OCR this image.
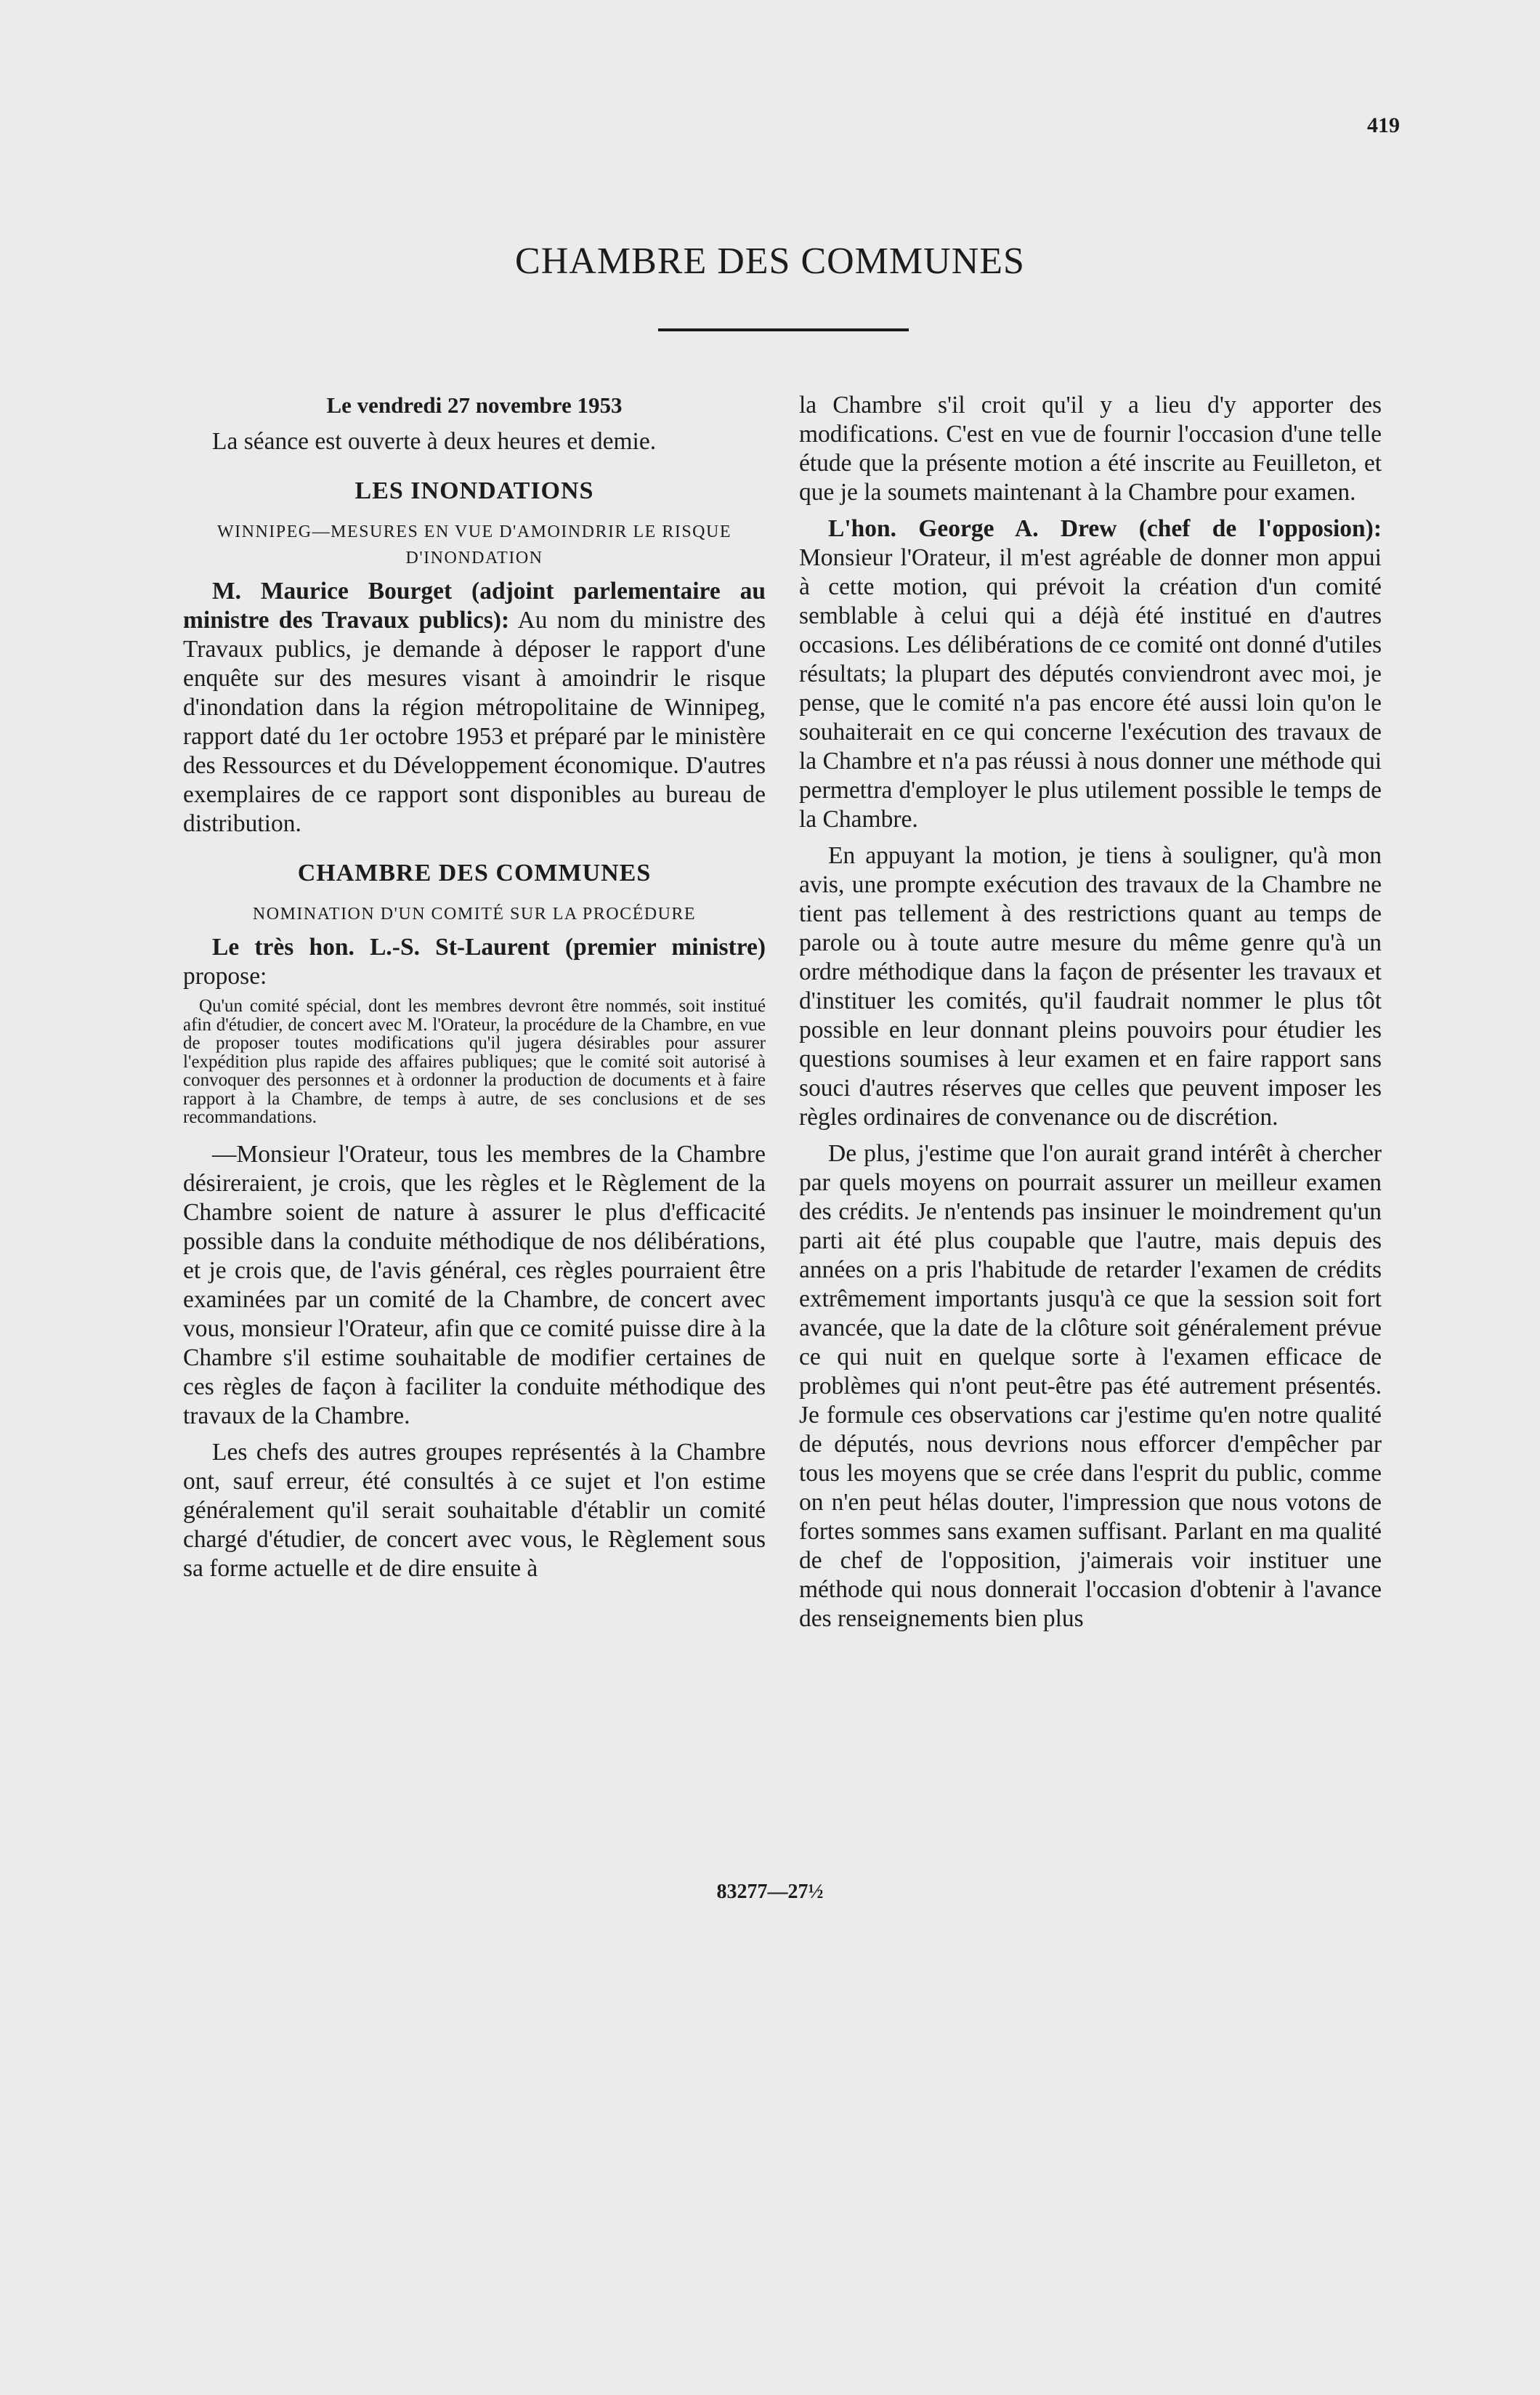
419
CHAMBRE DES COMMUNES

Le vendredi 27 novembre 1953

La séance est ouverte à deux heures et demie.

LES INONDATIONS

WINNIPEG—MESURES EN VUE D'AMOINDRIR LE RISQUE D'INONDATION

M. Maurice Bourget (adjoint parlementaire au ministre des Travaux publics): Au nom du ministre des Travaux publics, je demande à déposer le rapport d'une enquête sur des mesures visant à amoindrir le risque d'inondation dans la région métropolitaine de Winnipeg, rapport daté du 1er octobre 1953 et préparé par le ministère des Ressources et du Développement économique. D'autres exemplaires de ce rapport sont disponibles au bureau de distribution.

CHAMBRE DES COMMUNES

NOMINATION D'UN COMITÉ SUR LA PROCÉDURE

Le très hon. L.-S. St-Laurent (premier ministre) propose:

Qu'un comité spécial, dont les membres devront être nommés, soit institué afin d'étudier, de concert avec M. l'Orateur, la procédure de la Chambre, en vue de proposer toutes modifications qu'il jugera désirables pour assurer l'expédition plus rapide des affaires publiques; que le comité soit autorisé à convoquer des personnes et à ordonner la production de documents et à faire rapport à la Chambre, de temps à autre, de ses conclusions et de ses recommandations.

—Monsieur l'Orateur, tous les membres de la Chambre désireraient, je crois, que les règles et le Règlement de la Chambre soient de nature à assurer le plus d'efficacité possible dans la conduite méthodique de nos délibérations, et je crois que, de l'avis général, ces règles pourraient être examinées par un comité de la Chambre, de concert avec vous, monsieur l'Orateur, afin que ce comité puisse dire à la Chambre s'il estime souhaitable de modifier certaines de ces règles de façon à faciliter la conduite méthodique des travaux de la Chambre.

Les chefs des autres groupes représentés à la Chambre ont, sauf erreur, été consultés à ce sujet et l'on estime généralement qu'il serait souhaitable d'établir un comité chargé d'étudier, de concert avec vous, le Règlement sous sa forme actuelle et de dire ensuite à

la Chambre s'il croit qu'il y a lieu d'y apporter des modifications. C'est en vue de fournir l'occasion d'une telle étude que la présente motion a été inscrite au Feuilleton, et que je la soumets maintenant à la Chambre pour examen.

L'hon. George A. Drew (chef de l'opposion): Monsieur l'Orateur, il m'est agréable de donner mon appui à cette motion, qui prévoit la création d'un comité semblable à celui qui a déjà été institué en d'autres occasions. Les délibérations de ce comité ont donné d'utiles résultats; la plupart des députés conviendront avec moi, je pense, que le comité n'a pas encore été aussi loin qu'on le souhaiterait en ce qui concerne l'exécution des travaux de la Chambre et n'a pas réussi à nous donner une méthode qui permettra d'employer le plus utilement possible le temps de la Chambre.

En appuyant la motion, je tiens à souligner, qu'à mon avis, une prompte exécution des travaux de la Chambre ne tient pas tellement à des restrictions quant au temps de parole ou à toute autre mesure du même genre qu'à un ordre méthodique dans la façon de présenter les travaux et d'instituer les comités, qu'il faudrait nommer le plus tôt possible en leur donnant pleins pouvoirs pour étudier les questions soumises à leur examen et en faire rapport sans souci d'autres réserves que celles que peuvent imposer les règles ordinaires de convenance ou de discrétion.

De plus, j'estime que l'on aurait grand intérêt à chercher par quels moyens on pourrait assurer un meilleur examen des crédits. Je n'entends pas insinuer le moindrement qu'un parti ait été plus coupable que l'autre, mais depuis des années on a pris l'habitude de retarder l'examen de crédits extrêmement importants jusqu'à ce que la session soit fort avancée, que la date de la clôture soit généralement prévue ce qui nuit en quelque sorte à l'examen efficace de problèmes qui n'ont peut-être pas été autrement présentés. Je formule ces observations car j'estime qu'en notre qualité de députés, nous devrions nous efforcer d'empêcher par tous les moyens que se crée dans l'esprit du public, comme on n'en peut hélas douter, l'impression que nous votons de fortes sommes sans examen suffisant. Parlant en ma qualité de chef de l'opposition, j'aimerais voir instituer une méthode qui nous donnerait l'occasion d'obtenir à l'avance des renseignements bien plus

83277—27½
